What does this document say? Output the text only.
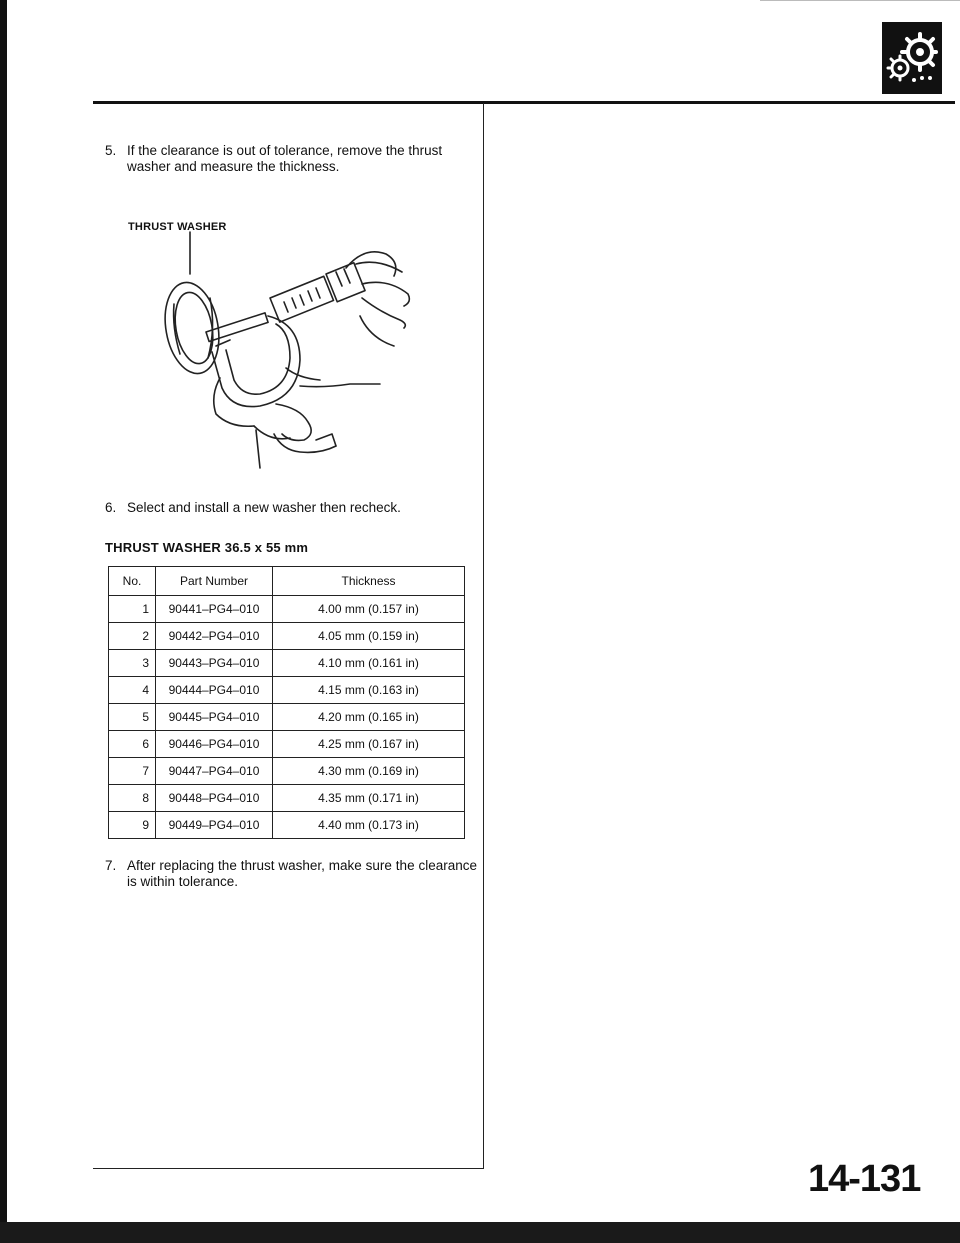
5. If the clearance is out of tolerance, remove the thrust washer and measure the thickness.
THRUST WASHER
6. Select and install a new washer then recheck.
THRUST WASHER 36.5 x 55 mm
No.	Part Number	Thickness
1	90441–PG4–010	4.00 mm (0.157 in)
2	90442–PG4–010	4.05 mm (0.159 in)
3	90443–PG4–010	4.10 mm (0.161 in)
4	90444–PG4–010	4.15 mm (0.163 in)
5	90445–PG4–010	4.20 mm (0.165 in)
6	90446–PG4–010	4.25 mm (0.167 in)
7	90447–PG4–010	4.30 mm (0.169 in)
8	90448–PG4–010	4.35 mm (0.171 in)
9	90449–PG4–010	4.40 mm (0.173 in)
7. After replacing the thrust washer, make sure the clearance is within tolerance.
14-131
